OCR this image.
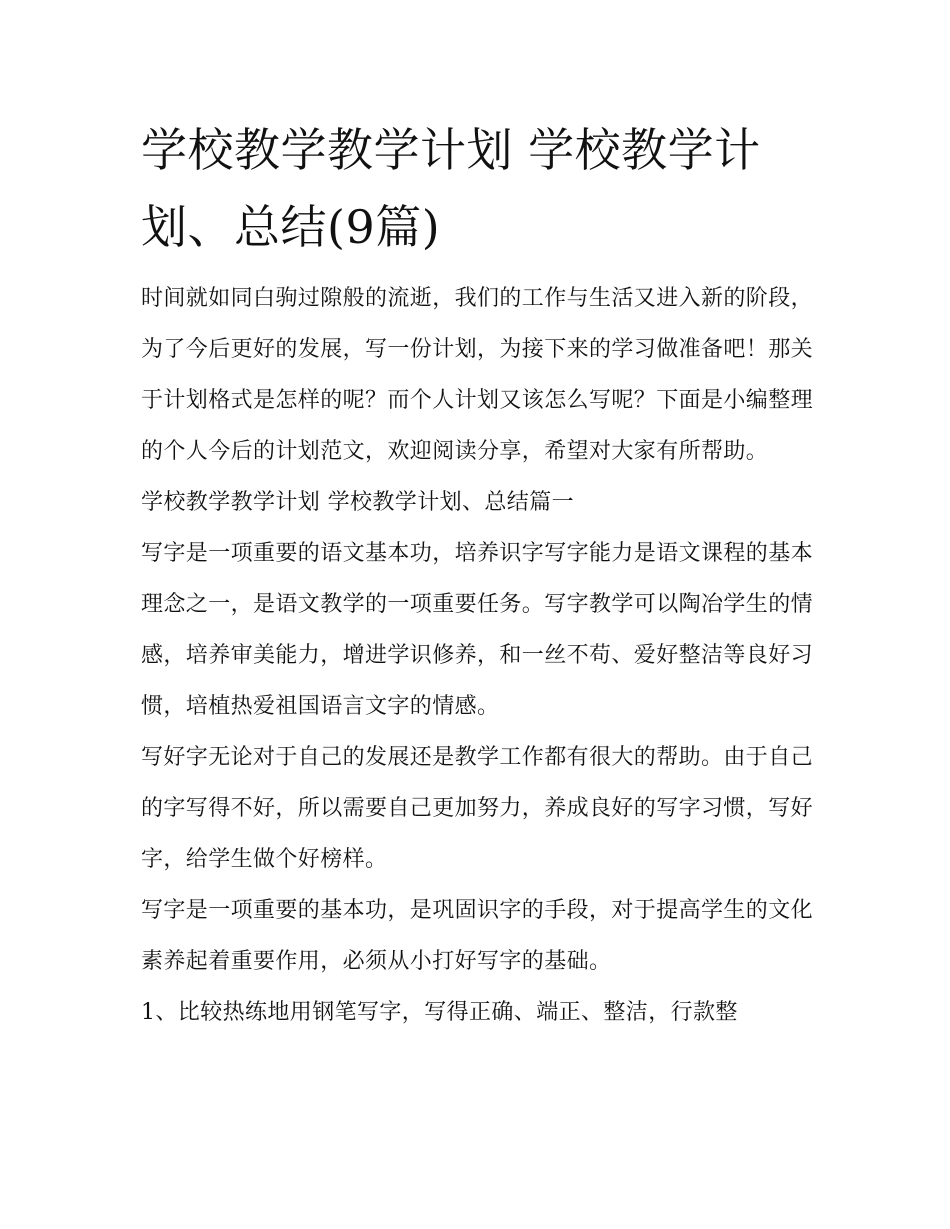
学校教学教学计划 学校教学计划、总结(9篇)

时间就如同白驹过隙般的流逝，我们的工作与生活又进入新的阶段，为了今后更好的发展，写一份计划，为接下来的学习做准备吧！那关于计划格式是怎样的呢？而个人计划又该怎么写呢？下面是小编整理的个人今后的计划范文，欢迎阅读分享，希望对大家有所帮助。

学校教学教学计划 学校教学计划、总结篇一

写字是一项重要的语文基本功，培养识字写字能力是语文课程的基本理念之一，是语文教学的一项重要任务。写字教学可以陶冶学生的情感，培养审美能力，增进学识修养，和一丝不苟、爱好整洁等良好习惯，培植热爱祖国语言文字的情感。

写好字无论对于自己的发展还是教学工作都有很大的帮助。由于自己的字写得不好，所以需要自己更加努力，养成良好的写字习惯，写好字，给学生做个好榜样。

写字是一项重要的基本功，是巩固识字的手段，对于提高学生的文化素养起着重要作用，必须从小打好写字的基础。

1、比较热练地用钢笔写字，写得正确、端正、整洁，行款整
